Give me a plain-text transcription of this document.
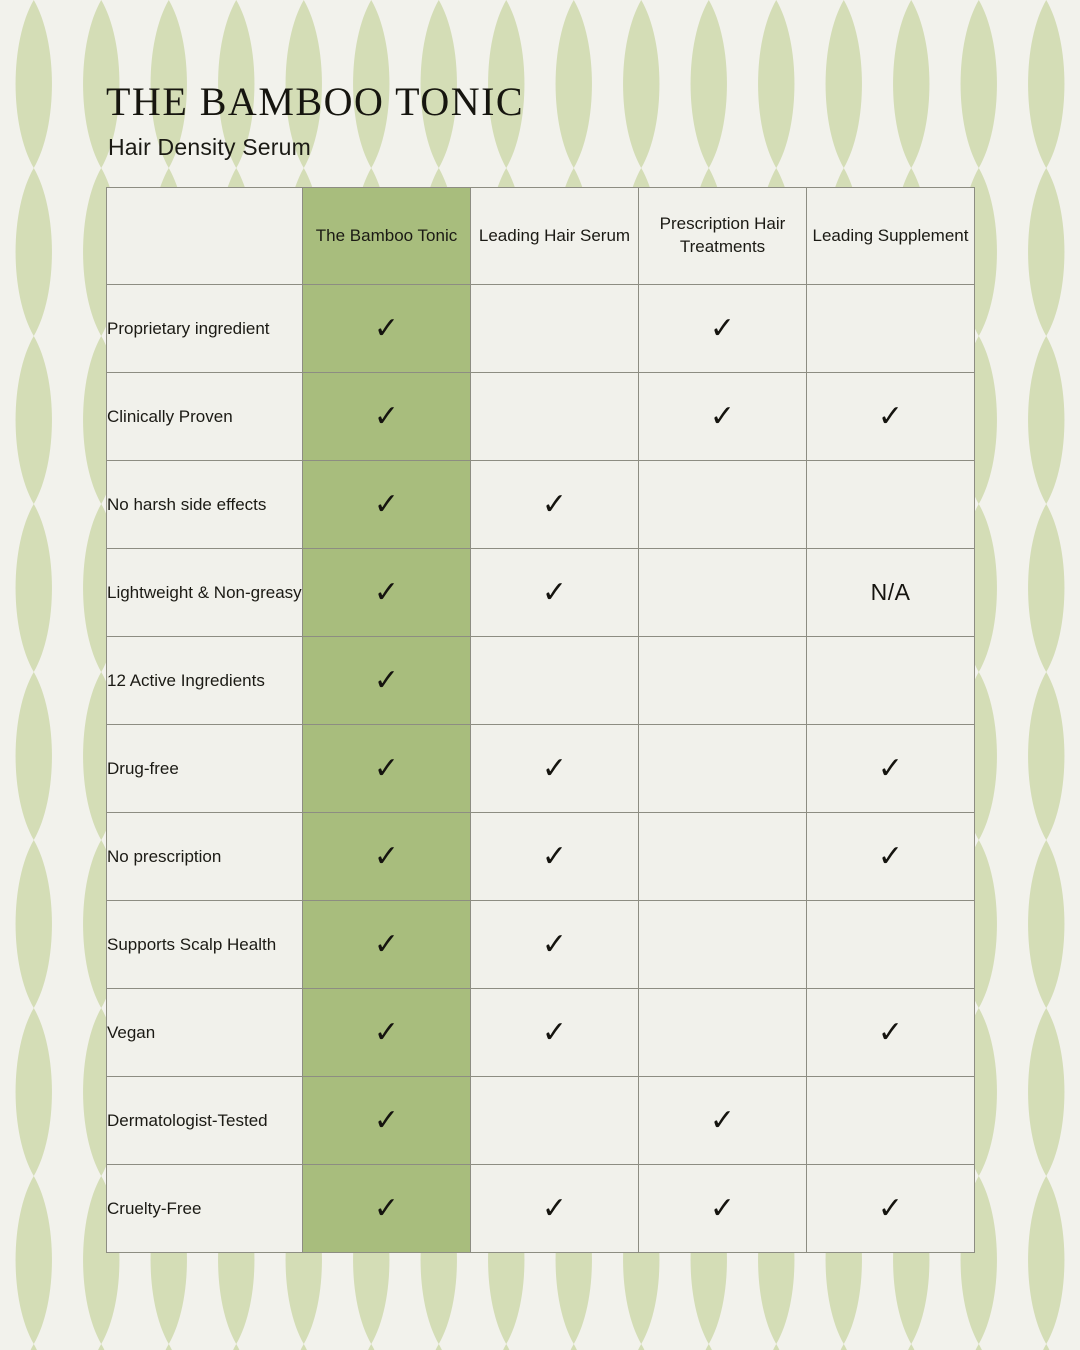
THE BAMBOO TONIC
Hair Density Serum
	The Bamboo Tonic	Leading Hair Serum	Prescription Hair Treatments	Leading Supplement
Proprietary ingredient	✓		✓	
Clinically Proven	✓		✓	✓
No harsh side effects	✓	✓		
Lightweight & Non-greasy	✓	✓		N/A
12 Active Ingredients	✓			
Drug-free	✓	✓		✓
No prescription	✓	✓		✓
Supports Scalp Health	✓	✓		
Vegan	✓	✓		✓
Dermatologist-Tested	✓		✓	
Cruelty-Free	✓	✓	✓	✓
